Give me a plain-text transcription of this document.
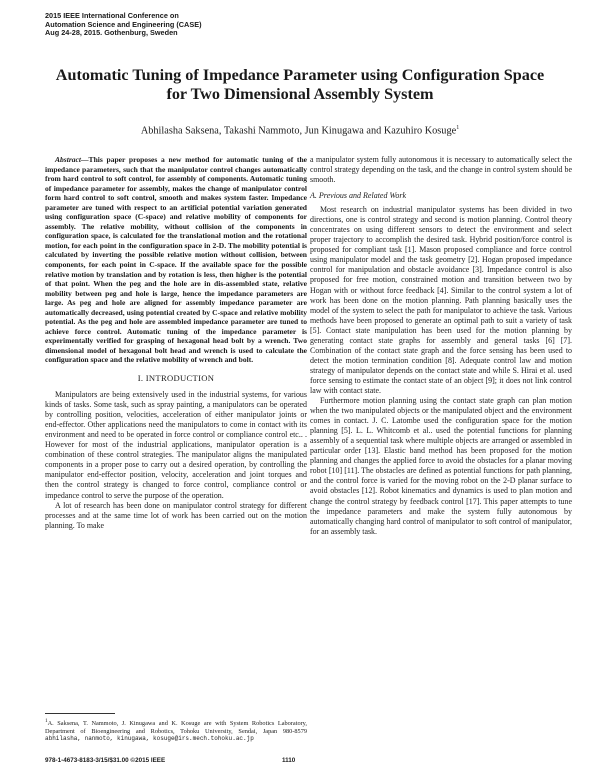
2015 IEEE International Conference on
Automation Science and Engineering (CASE)
Aug 24-28, 2015. Gothenburg, Sweden
Automatic Tuning of Impedance Parameter using Configuration Space
for Two Dimensional Assembly System
Abhilasha Saksena, Takashi Nammoto, Jun Kinugawa and Kazuhiro Kosuge$^1$

Abstract—This paper proposes a new method for automatic tuning of the impedance parameters, such that the manipulator control changes automatically from hard control to soft control, for assembly of components. Automatic tuning of impedance parameter for assembly, makes the change of manipulator control form hard control to soft control, smooth and makes system faster. Impedance parameter are tuned with respect to an artificial potential variation generated using configuration space (C-space) and relative mobility of components for assembly. The relative mobility, without collision of the components in configuration space, is calculated for the translational motion and the rotational motion, for each point in the configuration space in 2-D. The mobility potential is calculated by inverting the possible relative motion without collision, between components, for each point in C-space. If the available space for the possible relative motion by translation and by rotation is less, then higher is the potential of that point. When the peg and the hole are in dis-assembled state, relative mobility between peg and hole is large, hence the impedance parameters are large. As peg and hole are aligned for assembly impedance parameter are automatically decreased, using potential created by C-space and relative mobility potential. As the peg and hole are assembled impedance parameter are tuned to achieve force control. Automatic tuning of the impedance parameter is experimentally verified for grasping of hexagonal head bolt by a wrench. Two dimensional model of hexagonal bolt head and wrench is used to calculate the configuration space and the relative mobility of wrench and bolt.

I. INTRODUCTION

Manipulators are being extensively used in the industrial systems, for various kinds of tasks. Some task, such as spray painting, a manipulators can be operated by controlling position, velocities, acceleration of either manipulator joints or end-effector. Other applications need the manipulators to come in contact with its environment and need to be operated in force control or compliance control etc.. . However for most of the industrial applications, manipulator operation is a combination of these control strategies. The manipulator aligns the manipulated components in a proper pose to carry out a desired operation, by controlling the manipulator end-effector position, velocity, acceleration and joint torques and then the control strategy is changed to force control, compliance control or impedance control to serve the purpose of the operation.

A lot of research has been done on manipulator control strategy for different processes and at the same time lot of work has been carried out on the motion planning. To make

$^1$A. Saksena, T. Nammoto, J. Kinugawa and K. Kosuge are with System Robotics Laboratory, Department of Bioengineering and Robotics, Tohoku University, Sendai, Japan 980-8579 abhilasha, nanmoto, kinugawa, kosuge@irs.mech.tohoku.ac.jp

a manipulator system fully autonomous it is necessary to automatically select the control strategy depending on the task, and the change in control system should be smooth.

A. Previous and Related Work

Most research on industrial manipulator systems has been divided in two directions, one is control strategy and second is motion planning. Control theory concentrates on using different sensors to detect the environment and select proper trajectory to accomplish the desired task. Hybrid position/force control is proposed for compliant task [1]. Mason proposed compliance and force control using manipulator model and the task geometry [2]. Hogan proposed impedance control for manipulation and obstacle avoidance [3]. Impedance control is also proposed for free motion, constrained motion and transition between two by Hogan with or without force feedback [4]. Similar to the control system a lot of work has been done on the motion planning. Path planning basically uses the model of the system to select the path for manipulator to achieve the task. Various methods have been proposed to generate an optimal path to suit a variety of task [5]. Contact state manipulation has been used for the motion planning by generating contact state graphs for assembly and general tasks [6] [7]. Combination of the contact state graph and the force sensing has been used to detect the motion termination condition [8]. Adequate control law and motion strategy of manipulator depends on the contact state and while S. Hirai et al. used force sensing to estimate the contact state of an object [9]; it does not link control law with contact state.

Furthermore motion planning using the contact state graph can plan motion when the two manipulated objects or the manipulated object and the environment comes in contact. J. C. Latombe used the configuration space for the motion planning [5]. L. L. Whitcomb et al.. used the potential functions for planning assembly of a sequential task where multiple objects are arranged or assembled in particular order [13]. Elastic band method has been proposed for the motion planning and changes the applied force to avoid the obstacles for a planar moving robot [10] [11]. The obstacles are defined as potential functions for path planning, and the control force is varied for the moving robot on the 2-D planar surface to avoid obstacles [12]. Robot kinematics and dynamics is used to plan motion and change the control strategy by feedback control [17]. This paper attempts to tune the impedance parameters and make the system fully autonomous by automatically changing hard control of manipulator to soft control of manipulator, for an assembly task.

978-1-4673-8183-3/15/$31.00 ©2015 IEEE	1110
